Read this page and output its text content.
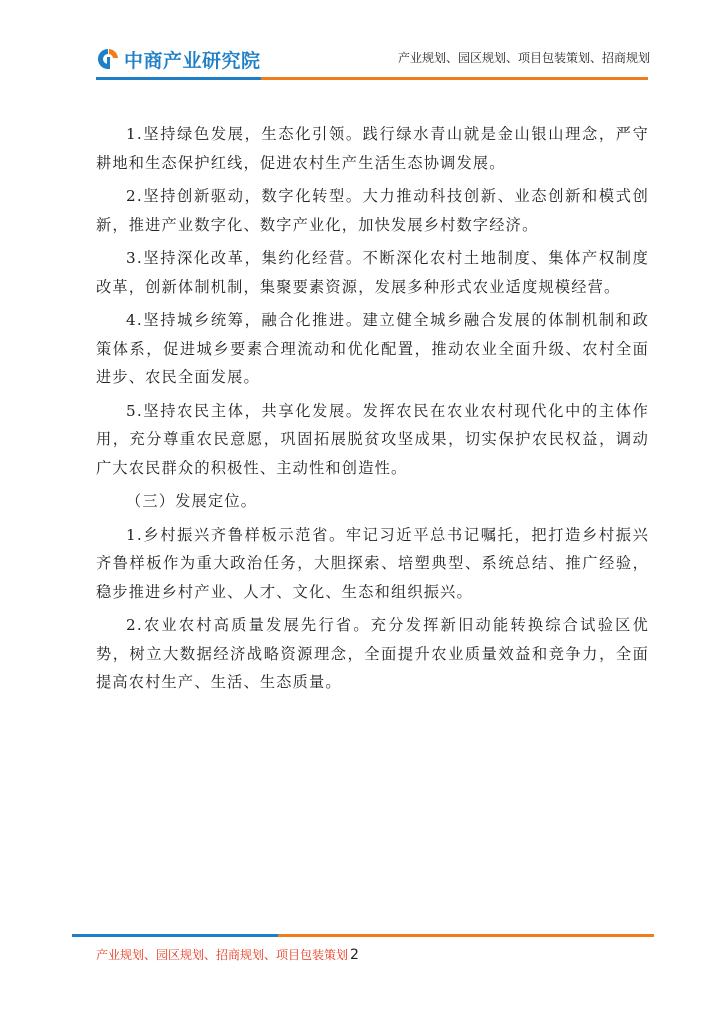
中商产业研究院	产业规划、园区规划、项目包装策划、招商规划

1.坚持绿色发展，生态化引领。践行绿水青山就是金山银山理念，严守耕地和生态保护红线，促进农村生产生活生态协调发展。

2.坚持创新驱动，数字化转型。大力推动科技创新、业态创新和模式创新，推进产业数字化、数字产业化，加快发展乡村数字经济。

3.坚持深化改革，集约化经营。不断深化农村土地制度、集体产权制度改革，创新体制机制，集聚要素资源，发展多种形式农业适度规模经营。

4.坚持城乡统筹，融合化推进。建立健全城乡融合发展的体制机制和政策体系，促进城乡要素合理流动和优化配置，推动农业全面升级、农村全面进步、农民全面发展。

5.坚持农民主体，共享化发展。发挥农民在农业农村现代化中的主体作用，充分尊重农民意愿，巩固拓展脱贫攻坚成果，切实保护农民权益，调动广大农民群众的积极性、主动性和创造性。

（三）发展定位。

1.乡村振兴齐鲁样板示范省。牢记习近平总书记嘱托，把打造乡村振兴齐鲁样板作为重大政治任务，大胆探索、培塑典型、系统总结、推广经验，稳步推进乡村产业、人才、文化、生态和组织振兴。

2.农业农村高质量发展先行省。充分发挥新旧动能转换综合试验区优势，树立大数据经济战略资源理念，全面提升农业质量效益和竞争力，全面提高农村生产、生活、生态质量。

产业规划、园区规划、招商规划、项目包装策划 2
